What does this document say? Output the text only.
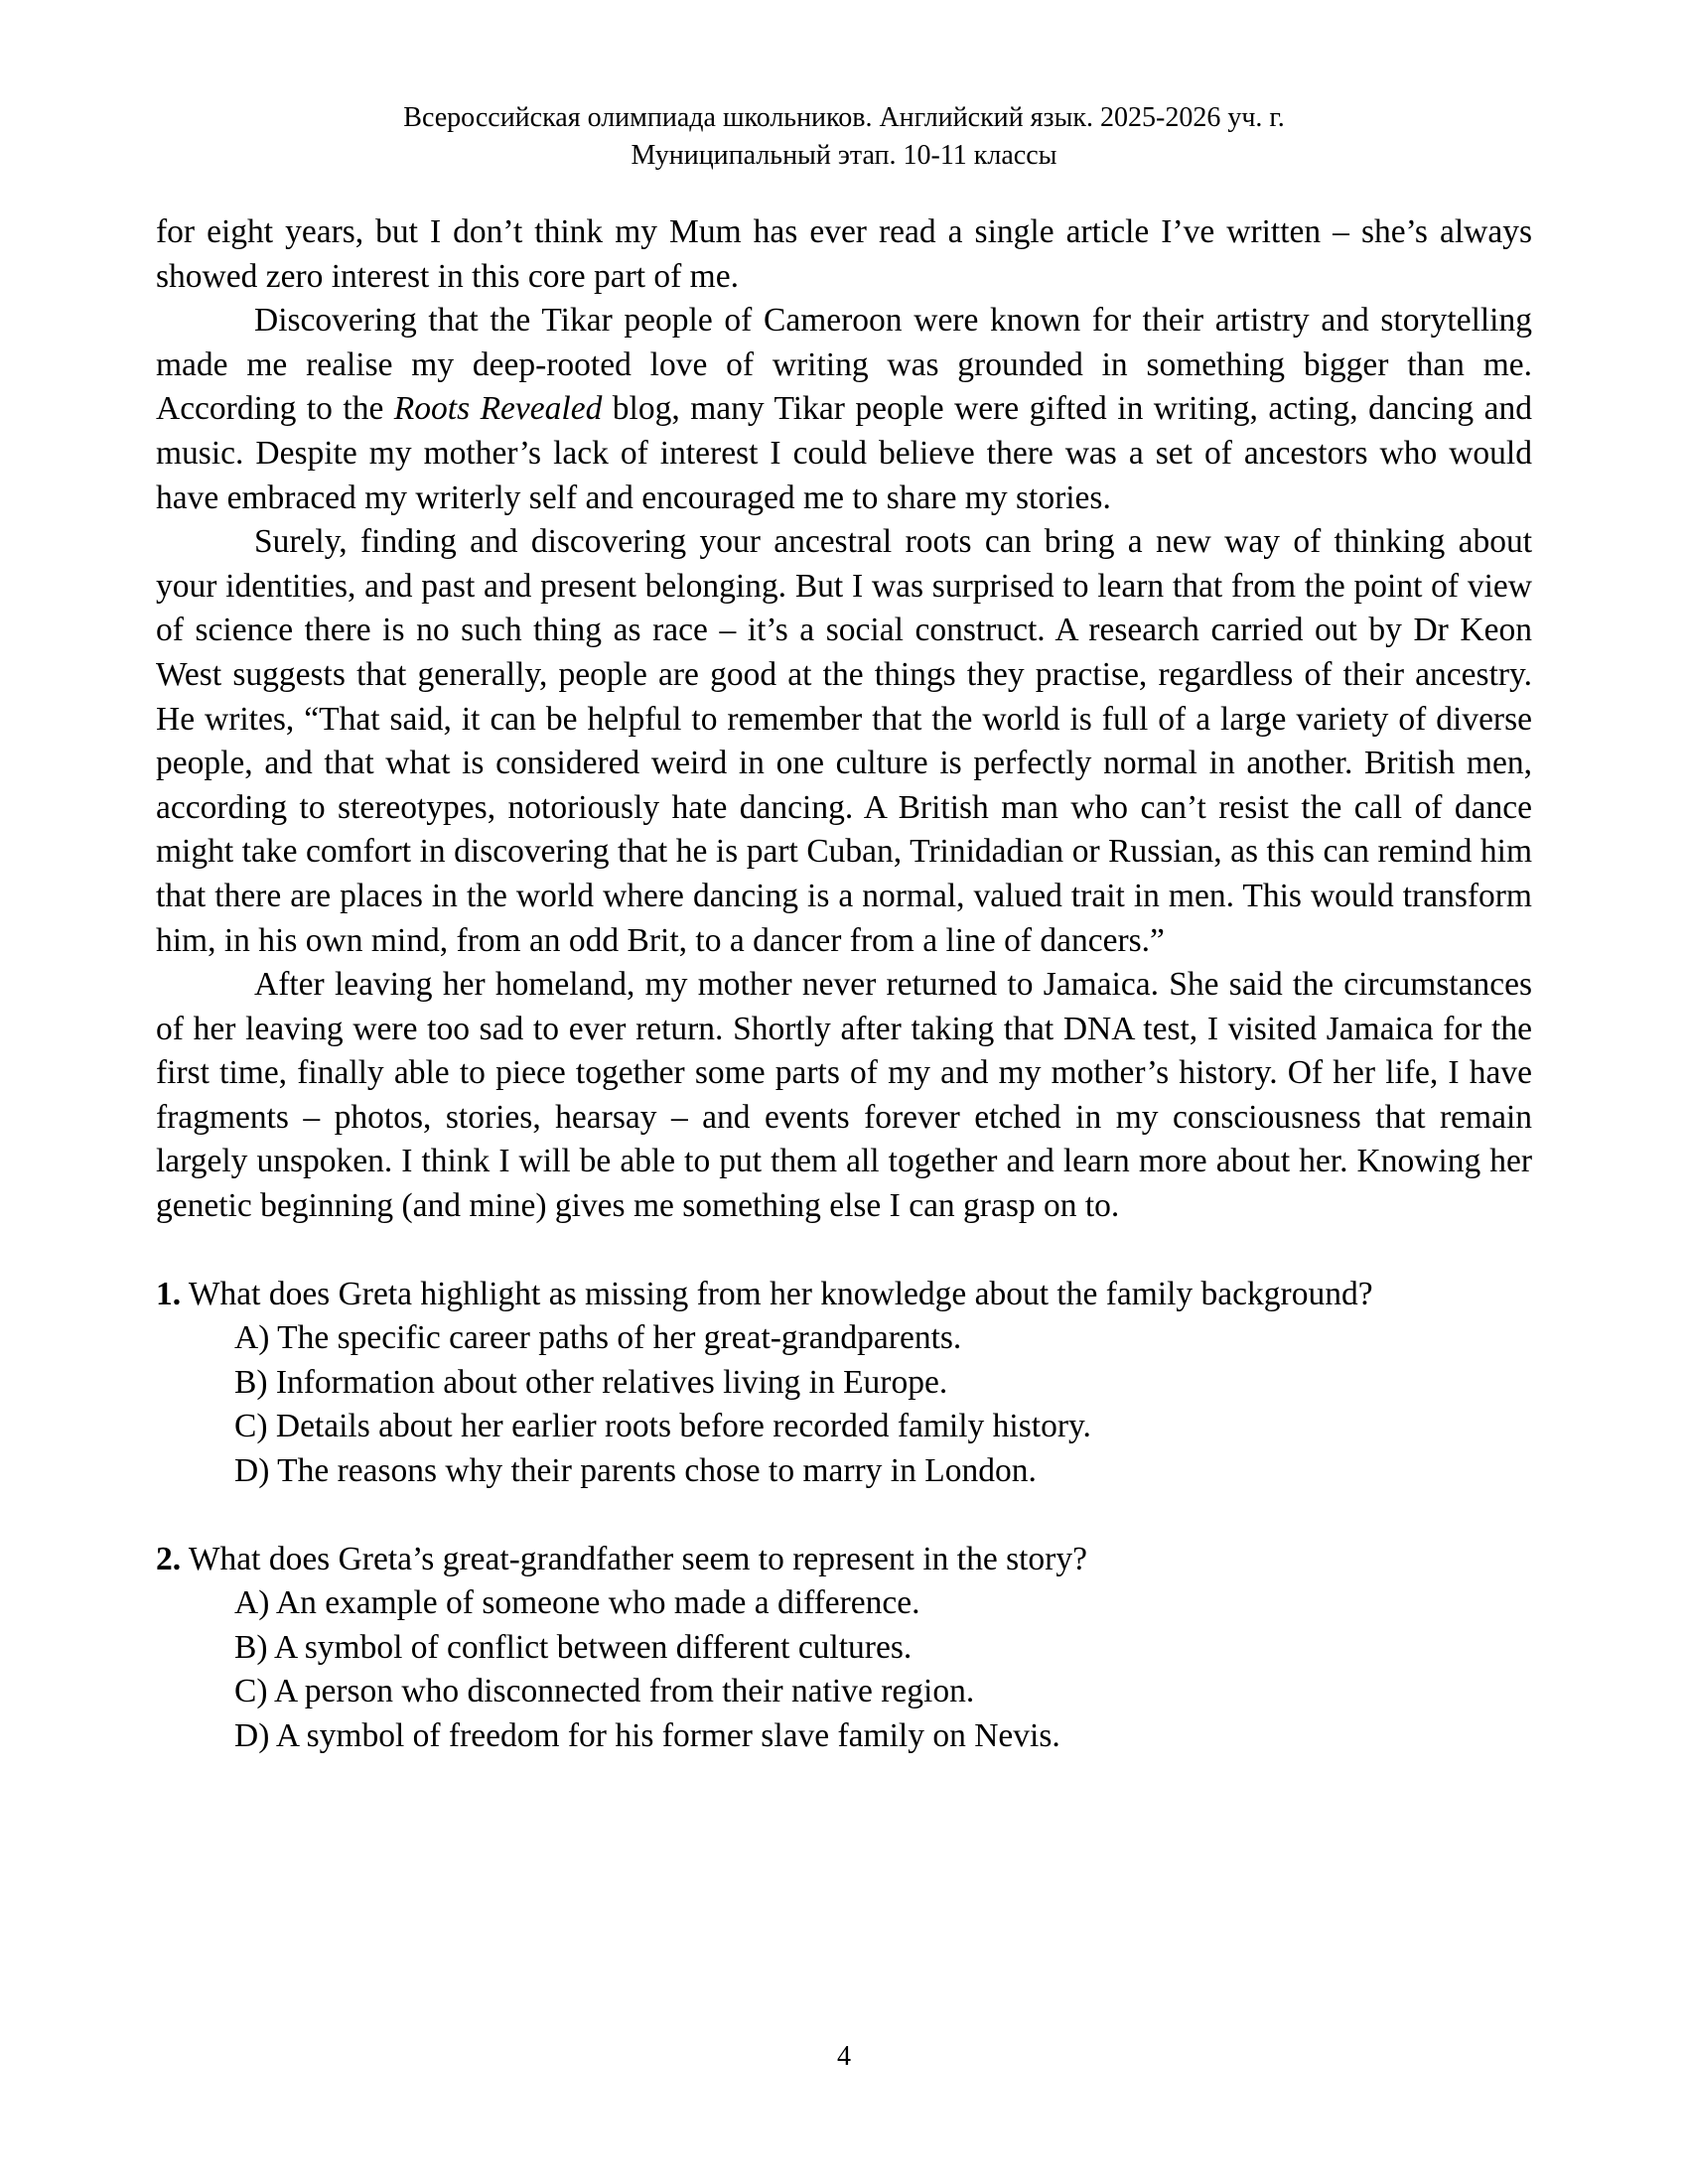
Всероссийская олимпиада школьников. Английский язык. 2025-2026 уч. г.
Муниципальный этап. 10-11 классы

for eight years, but I don’t think my Mum has ever read a single article I’ve written – she’s always showed zero interest in this core part of me.

Discovering that the Tikar people of Cameroon were known for their artistry and storytelling made me realise my deep-rooted love of writing was grounded in something bigger than me. According to the Roots Revealed blog, many Tikar people were gifted in writing, acting, dancing and music. Despite my mother’s lack of interest I could believe there was a set of ancestors who would have embraced my writerly self and encouraged me to share my stories.

Surely, finding and discovering your ancestral roots can bring a new way of thinking about your identities, and past and present belonging. But I was surprised to learn that from the point of view of science there is no such thing as race – it’s a social construct. A research carried out by Dr Keon West suggests that generally, people are good at the things they practise, regardless of their ancestry. He writes, “That said, it can be helpful to remember that the world is full of a large variety of diverse people, and that what is considered weird in one culture is perfectly normal in another. British men, according to stereotypes, notoriously hate dancing. A British man who can’t resist the call of dance might take comfort in discovering that he is part Cuban, Trinidadian or Russian, as this can remind him that there are places in the world where dancing is a normal, valued trait in men. This would transform him, in his own mind, from an odd Brit, to a dancer from a line of dancers.”

After leaving her homeland, my mother never returned to Jamaica. She said the circumstances of her leaving were too sad to ever return. Shortly after taking that DNA test, I visited Jamaica for the first time, finally able to piece together some parts of my and my mother’s history. Of her life, I have fragments – photos, stories, hearsay – and events forever etched in my consciousness that remain largely unspoken. I think I will be able to put them all together and learn more about her. Knowing her genetic beginning (and mine) gives me something else I can grasp on to.

1. What does Greta highlight as missing from her knowledge about the family background?

A) The specific career paths of her great-grandparents.
B) Information about other relatives living in Europe.
C) Details about her earlier roots before recorded family history.
D) The reasons why their parents chose to marry in London.

2. What does Greta’s great-grandfather seem to represent in the story?

A) An example of someone who made a difference.
B) A symbol of conflict between different cultures.
C) A person who disconnected from their native region.
D) A symbol of freedom for his former slave family on Nevis.
4
